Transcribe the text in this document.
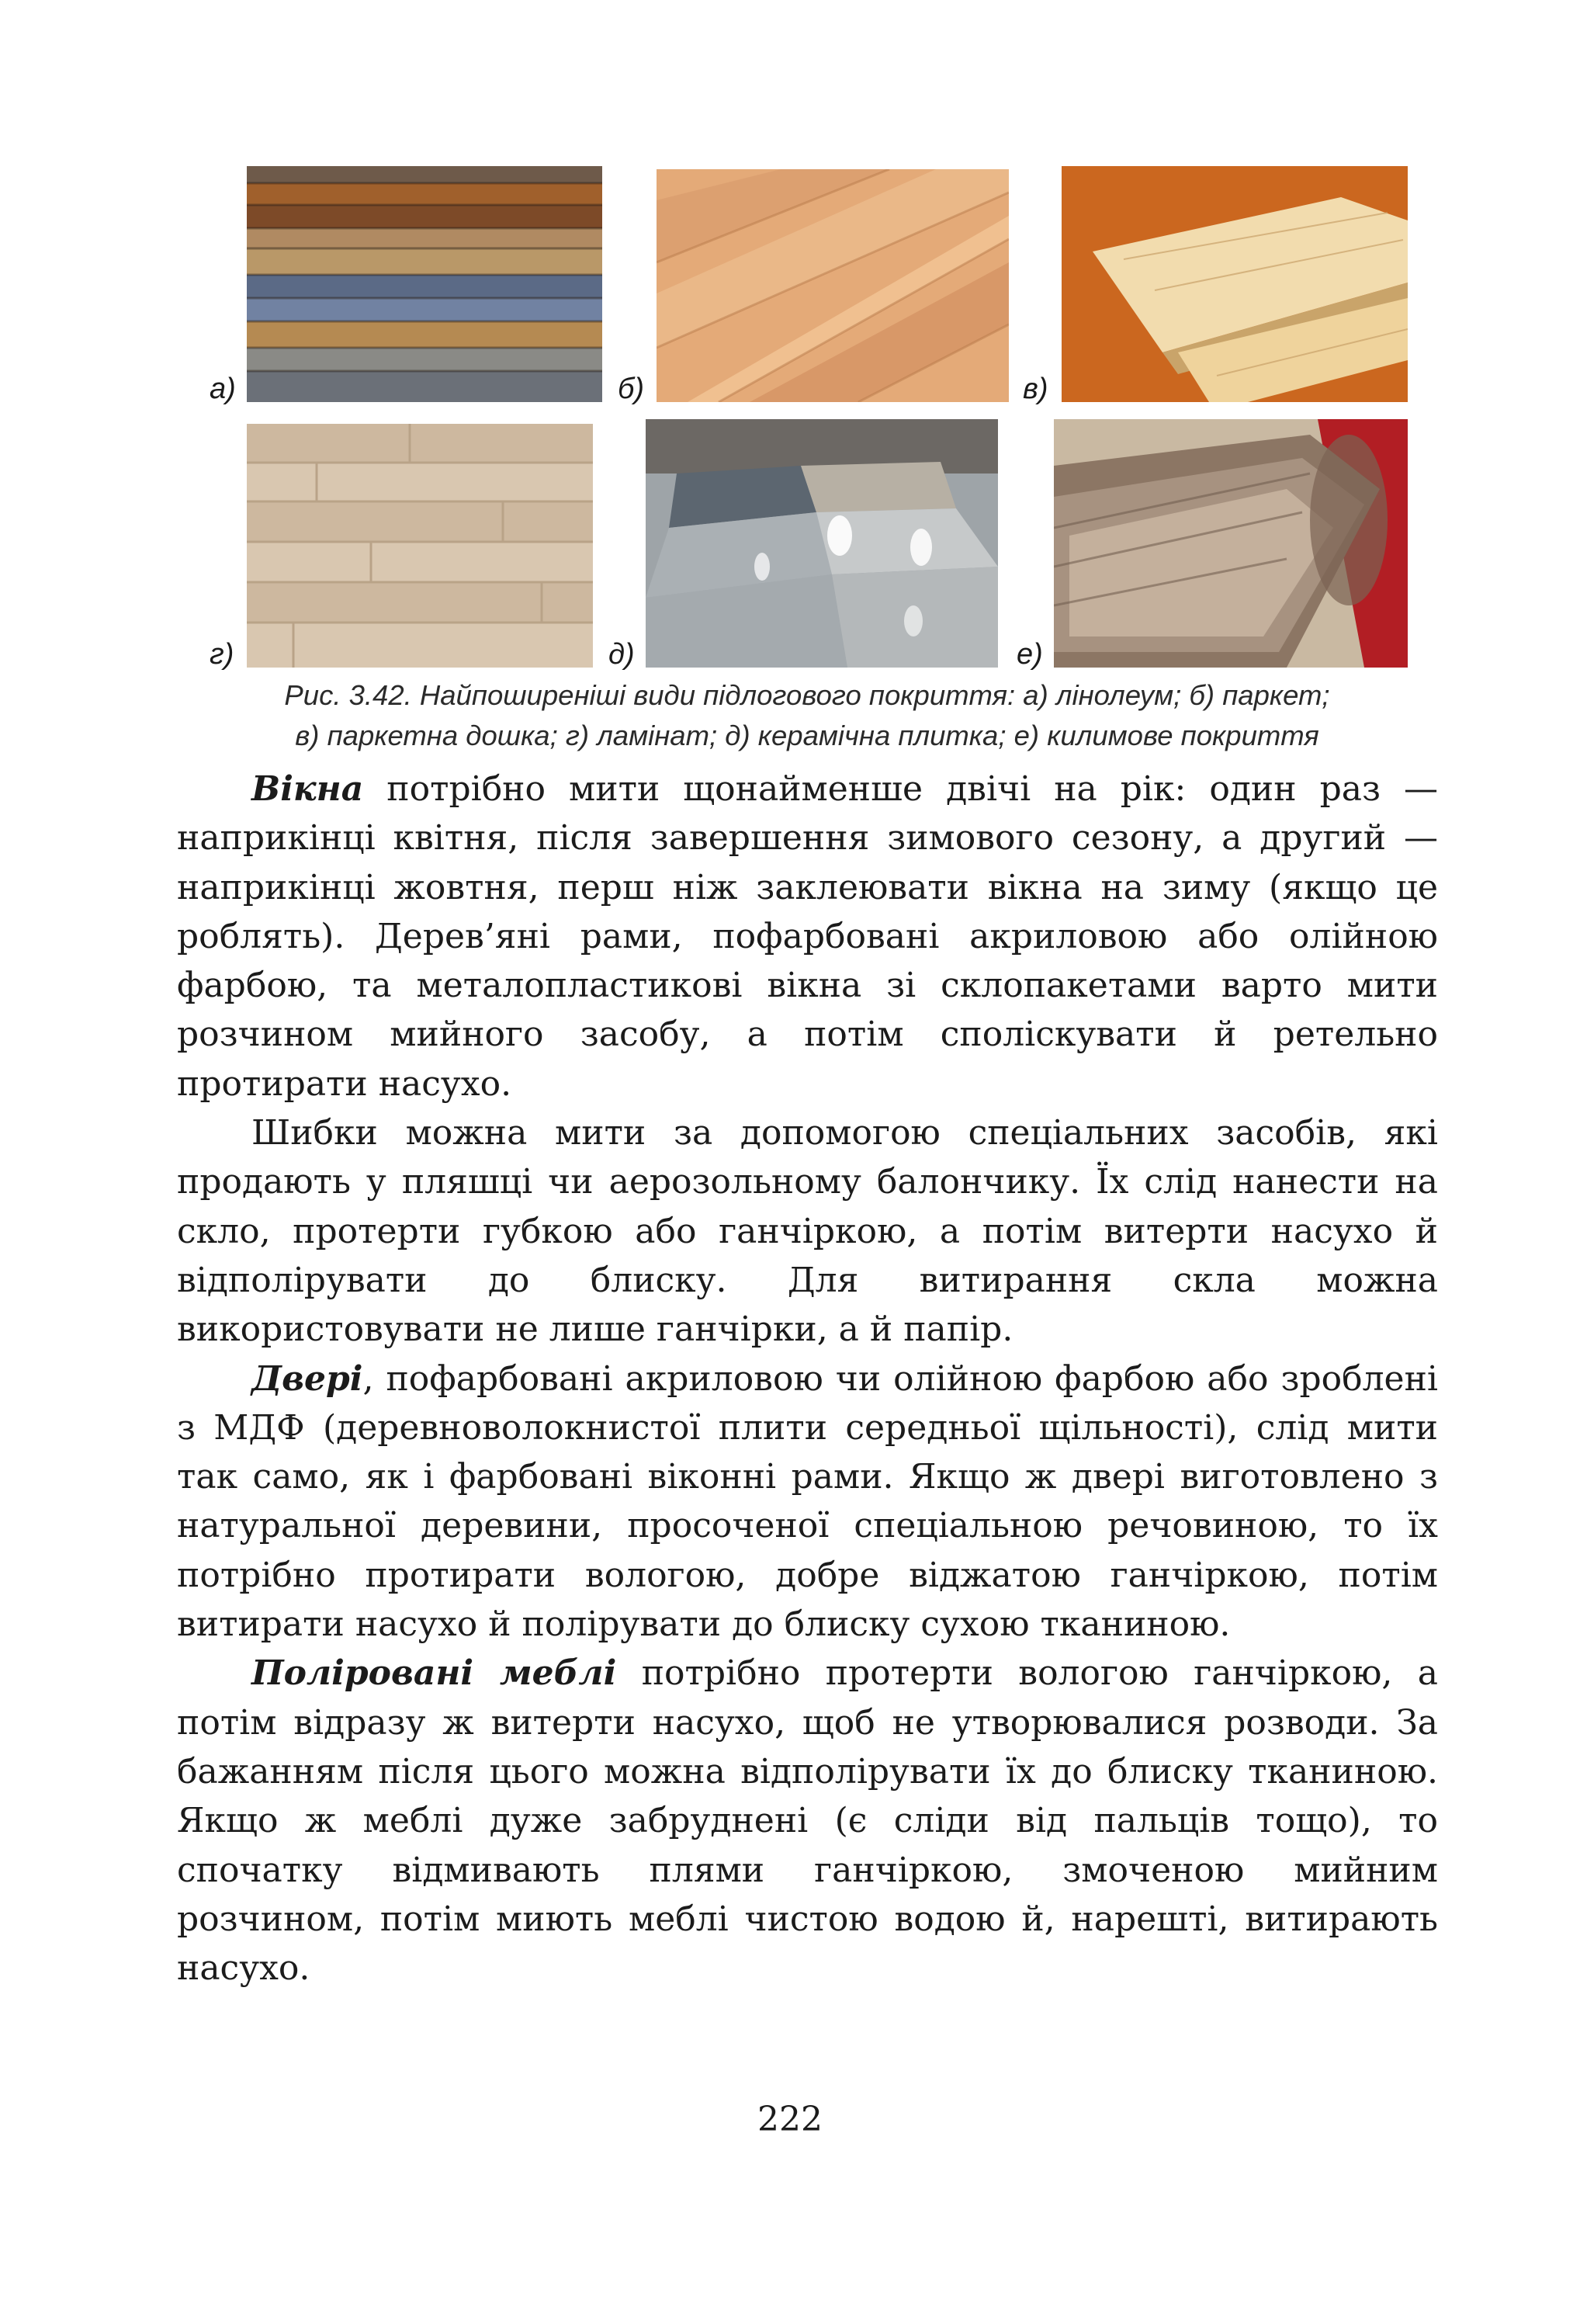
а)	б)	в)
г)	д)	е)
Рис. 3.42. Найпоширеніші види підлогового покриття: а) лінолеум; б) паркет;
в) паркетна дошка; г) ламінат; д) керамічна плитка; е) килимове покриття

Вікна потрібно мити щонайменше двічі на рік: один раз — наприкінці квітня, після завершення зимового сезону, а другий — наприкінці жовтня, перш ніж заклеювати вікна на зиму (якщо це роблять). Дерев’яні рами, пофарбовані акриловою або олійною фарбою, та металопластикові вікна зі склопакетами варто мити розчином мийного засобу, а потім споліскувати й ретельно протирати насухо.

Шибки можна мити за допомогою спеціальних засобів, які продають у пляшці чи аерозольному балончику. Їх слід нанести на скло, протерти губкою або ганчіркою, а потім витерти насухо й відполірувати до блиску. Для витирання скла можна використовувати не лише ганчірки, а й папір.

Двері, пофарбовані акриловою чи олійною фарбою або зроблені з МДФ (деревноволокнистої плити середньої щільності), слід мити так само, як і фарбовані віконні рами. Якщо ж двері виготовлено з натуральної деревини, просоченої спеціальною речовиною, то їх потрібно протирати вологою, добре віджатою ганчіркою, потім витирати насухо й полірувати до блиску сухою тканиною.

Поліровані меблі потрібно протерти вологою ганчіркою, а потім відразу ж витерти насухо, щоб не утворювалися розводи. За бажанням після цього можна відполірувати їх до блиску тканиною. Якщо ж меблі дуже забруднені (є сліди від пальців тощо), то спочатку відмивають плями ганчіркою, змоченою мийним розчином, потім миють меблі чистою водою й, нарешті, витирають насухо.

222
